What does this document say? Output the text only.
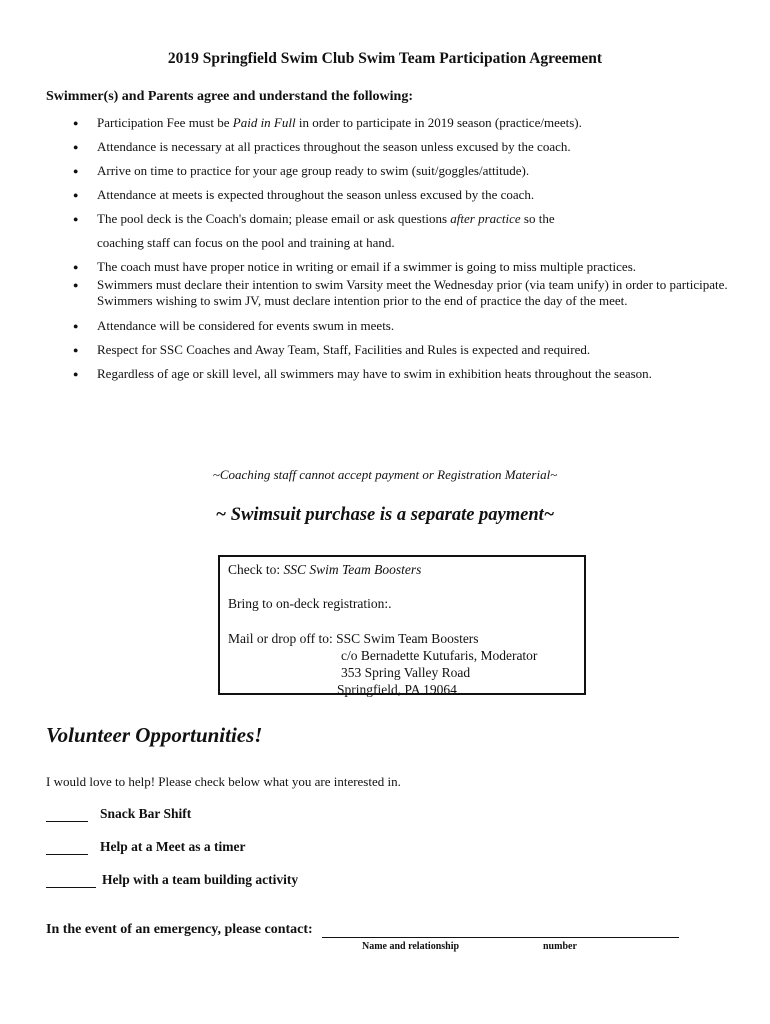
2019 Springfield Swim Club Swim Team Participation Agreement
Swimmer(s) and Parents agree and understand the following:
● Participation Fee must be Paid in Full in order to participate in 2019 season (practice/meets).
● Attendance is necessary at all practices throughout the season unless excused by the coach.
● Arrive on time to practice for your age group ready to swim (suit/goggles/attitude).
● Attendance at meets is expected throughout the season unless excused by the coach.
● The pool deck is the Coach's domain; please email or ask questions after practice so the
coaching staff can focus on the pool and training at hand.
● The coach must have proper notice in writing or email if a swimmer is going to miss multiple practices.
● Swimmers must declare their intention to swim Varsity meet the Wednesday prior (via team unify) in order to participate. Swimmers wishing to swim JV, must declare intention prior to the end of practice the day of the meet.
● Attendance will be considered for events swum in meets.
● Respect for SSC Coaches and Away Team, Staff, Facilities and Rules is expected and required.
● Regardless of age or skill level, all swimmers may have to swim in exhibition heats throughout the season.
~Coaching staff cannot accept payment or Registration Material~
~ Swimsuit purchase is a separate payment~
Check to: SSC Swim Team Boosters
Bring to on-deck registration:.
Mail or drop off to: SSC Swim Team Boosters
c/o Bernadette Kutufaris, Moderator
353 Spring Valley Road
Springfield, PA 19064
Volunteer Opportunities!
I would love to help! Please check below what you are interested in.
Snack Bar Shift
Help at a Meet as a timer
Help with a team building activity
In the event of an emergency, please contact:
Name and relationship	number
